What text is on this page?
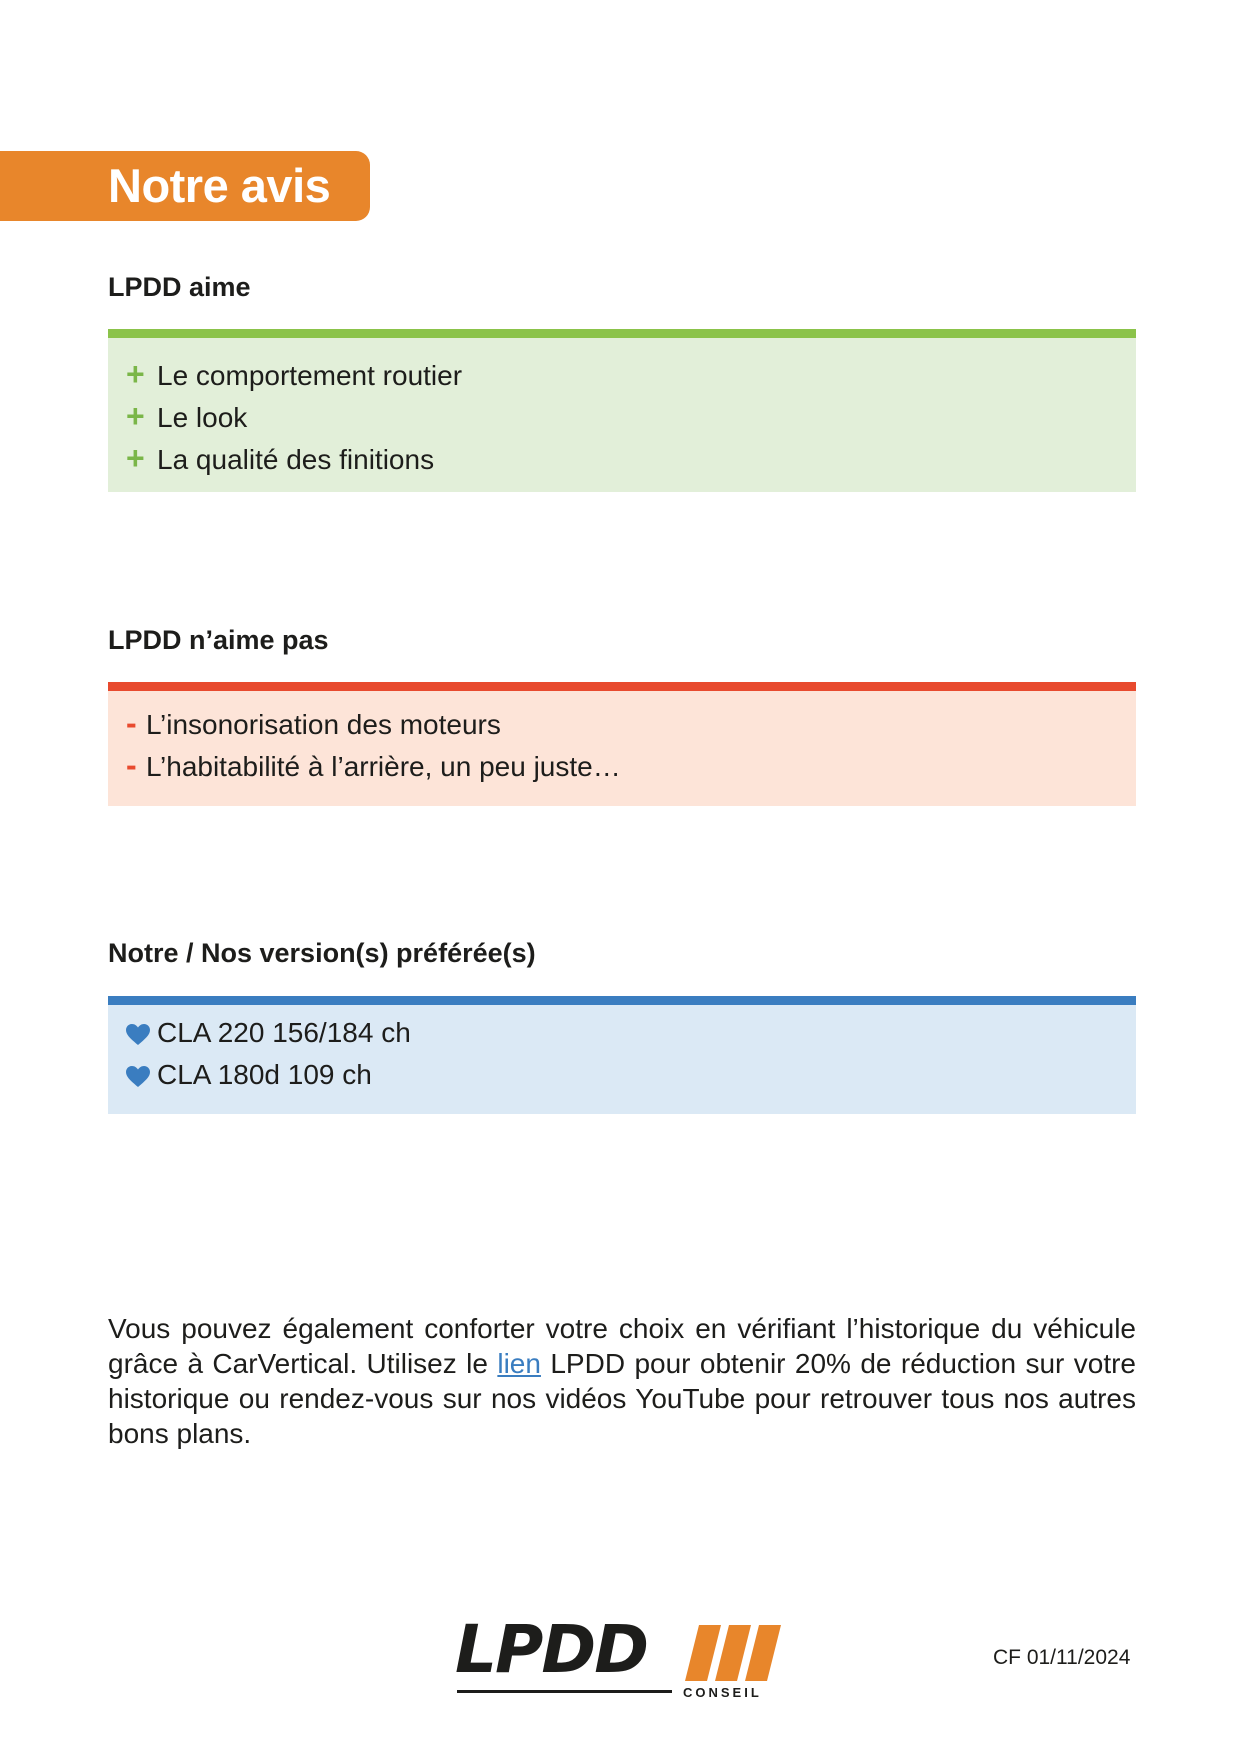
Notre avis
LPDD aime
+ Le comportement routier
+ Le look
+ La qualité des finitions
LPDD n’aime pas
- L’insonorisation des moteurs
- L’habitabilité à l’arrière, un peu juste…
Notre / Nos version(s) préférée(s)
CLA 220 156/184 ch
CLA 180d 109 ch

Vous pouvez également conforter votre choix en vérifiant l’historique du véhicule grâce à CarVertical. Utilisez le lien LPDD pour obtenir 20% de réduction sur votre historique ou rendez-vous sur nos vidéos YouTube pour retrouver tous nos autres bons plans.

LPDD
CONSEIL
CF 01/11/2024
